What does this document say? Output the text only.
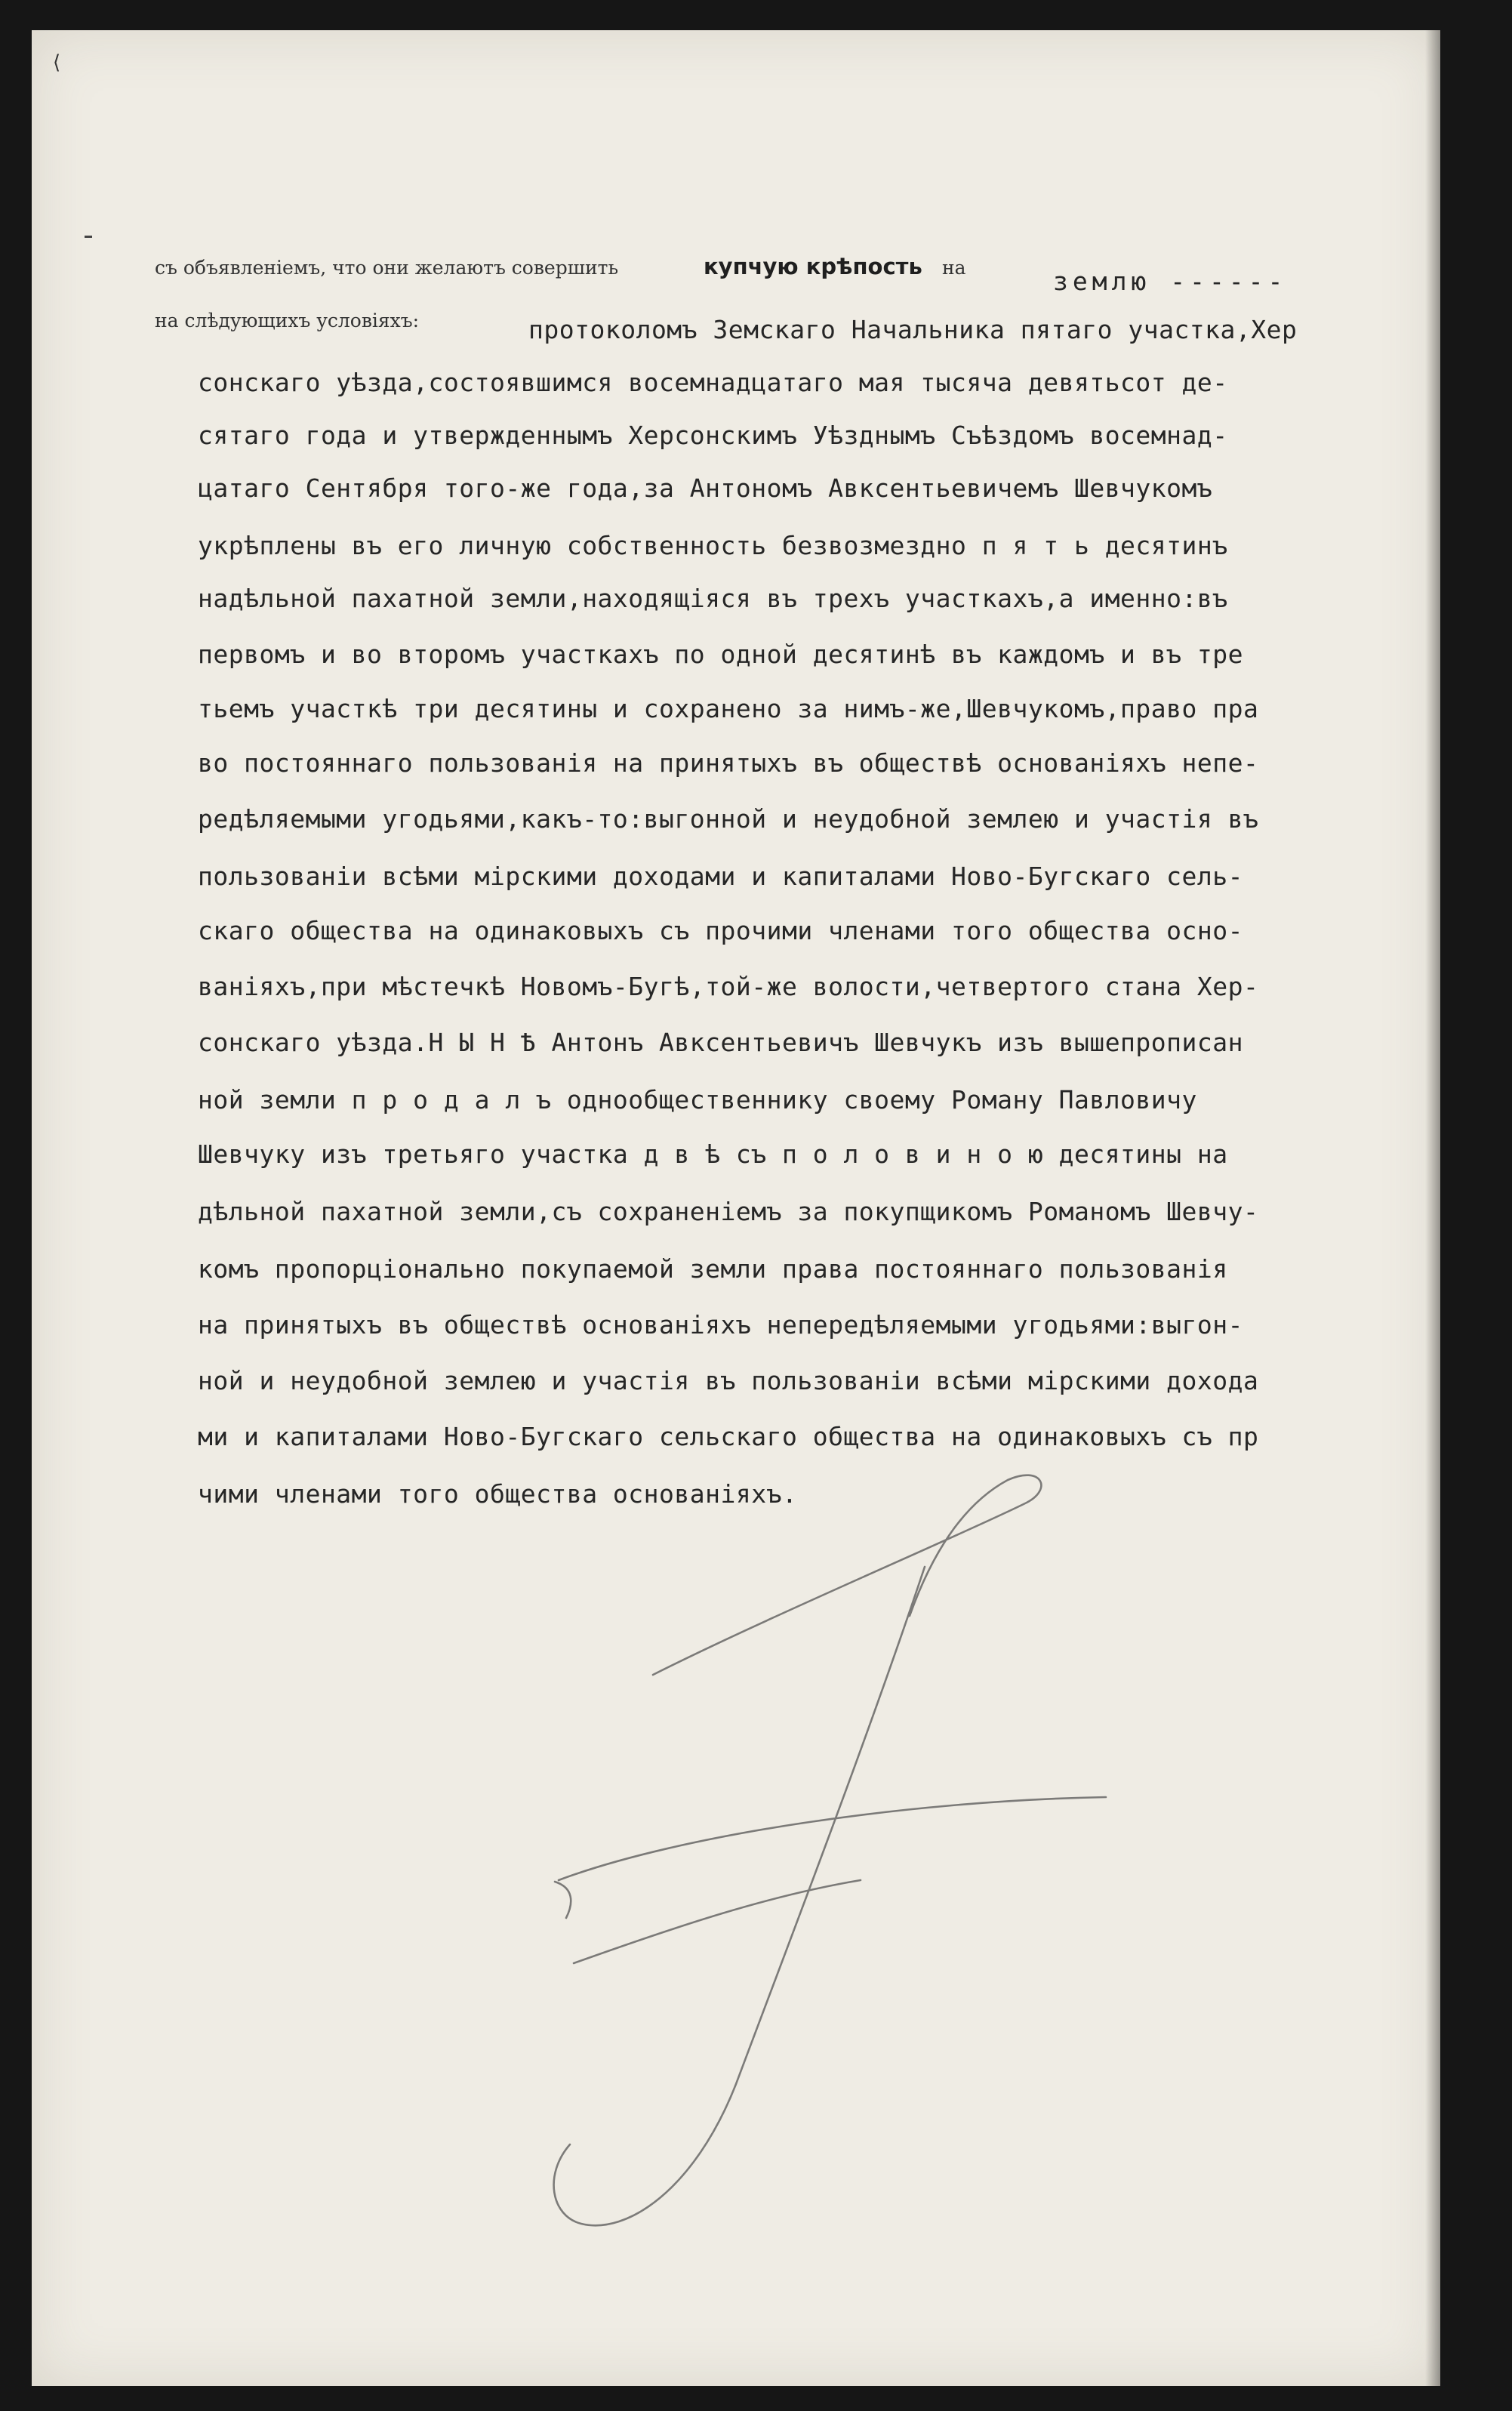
⟨
съ объявленіемъ, что они желаютъ совершить	купчую крѣпость на	землю ------
на слѣдующихъ условіяхъ:	протоколомъ Земскаго Начальника пятаго участка,Хер
сонскаго уѣзда,состоявшимся восемнадцатаго мая тысяча девятьсот де-
сятаго года и утвержденнымъ Херсонскимъ Уѣзднымъ Съѣздомъ восемнад-
цатаго Сентября того-же года,за Антономъ Авксентьевичемъ Шевчукомъ
укрѣплены въ его личную собственность безвозмездно п я т ь десятинъ
надѣльной пахатной земли,находящіяся въ трехъ участкахъ,а именно:въ
первомъ и во второмъ участкахъ по одной десятинѣ въ каждомъ и въ тре
тьемъ участкѣ три десятины и сохранено за нимъ-же,Шевчукомъ,право пра
во постояннаго пользованія на принятыхъ въ обществѣ основаніяхъ непе-
редѣляемыми угодьями,какъ-то:выгонной и неудобной землею и участія въ
пользованіи всѣми мірскими доходами и капиталами Ново-Бугскаго сель-
скаго общества на одинаковыхъ съ прочими членами того общества осно-
ваніяхъ,при мѣстечкѣ Новомъ-Бугѣ,той-же волости,четвертого стана Хер-
сонскаго уѣзда.Н Ы Н Ѣ Антонъ Авксентьевичъ Шевчукъ изъ вышепрописан
ной земли п р о д а л ъ однообщественнику своему Роману Павловичу
Шевчуку изъ третьяго участка д в ѣ съ п о л о в и н о ю десятины на
дѣльной пахатной земли,съ сохраненіемъ за покупщикомъ Романомъ Шевчу-
комъ пропорціонально покупаемой земли права постояннаго пользованія
на принятыхъ въ обществѣ основаніяхъ непередѣляемыми угодьями:выгон-
ной и неудобной землею и участія въ пользованіи всѣми мірскими дохода
ми и капиталами Ново-Бугскаго сельскаго общества на одинаковыхъ съ пр
чими членами того общества основаніяхъ.
